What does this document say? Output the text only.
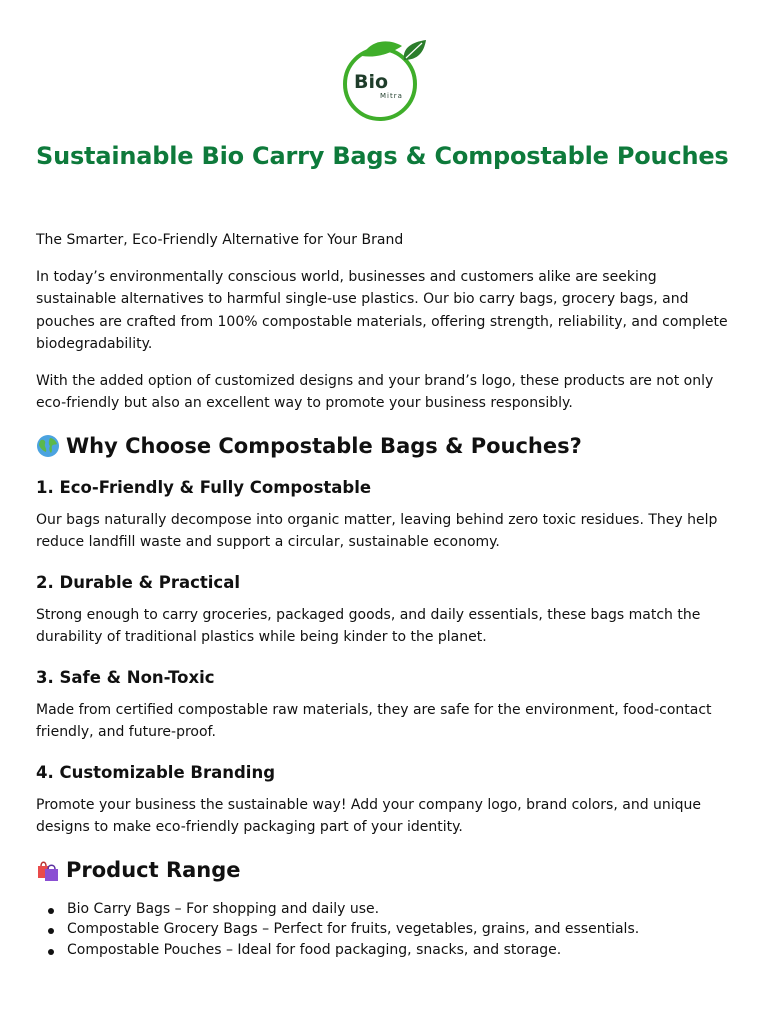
Bio
Mitra
Sustainable Bio Carry Bags & Compostable Pouches

The Smarter, Eco-Friendly Alternative for Your Brand

In today’s environmentally conscious world, businesses and customers alike are seeking sustainable alternatives to harmful single-use plastics. Our bio carry bags, grocery bags, and pouches are crafted from 100% compostable materials, offering strength, reliability, and complete biodegradability.

With the added option of customized designs and your brand’s logo, these products are not only eco-friendly but also an excellent way to promote your business responsibly.

Why Choose Compostable Bags & Pouches?
1. Eco-Friendly & Fully Compostable

Our bags naturally decompose into organic matter, leaving behind zero toxic residues. They help reduce landfill waste and support a circular, sustainable economy.

2. Durable & Practical

Strong enough to carry groceries, packaged goods, and daily essentials, these bags match the durability of traditional plastics while being kinder to the planet.

3. Safe & Non-Toxic

Made from certified compostable raw materials, they are safe for the environment, food-contact friendly, and future-proof.

4. Customizable Branding

Promote your business the sustainable way! Add your company logo, brand colors, and unique designs to make eco-friendly packaging part of your identity.

Product Range
Bio Carry Bags – For shopping and daily use.
Compostable Grocery Bags – Perfect for fruits, vegetables, grains, and essentials.
Compostable Pouches – Ideal for food packaging, snacks, and storage.
